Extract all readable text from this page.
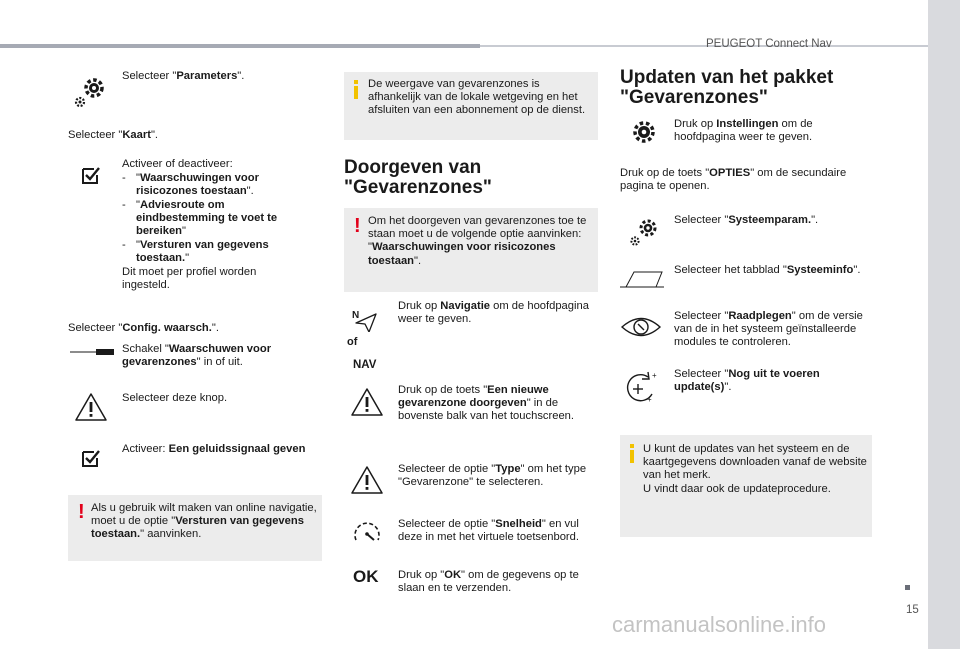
PEUGEOT Connect Nav
15
carmanualsonline.info
Selecteer "Parameters".
Selecteer "Kaart".
Activeer of deactiveer:
- "Waarschuwingen voor risicozones toestaan".
- "Adviesroute om eindbestemming te voet te bereiken"
- "Versturen van gegevens toestaan."
Dit moet per profiel worden ingesteld.
Selecteer "Config. waarsch.".
Schakel "Waarschuwen voor gevarenzones" in of uit.
Selecteer deze knop.
Activeer: Een geluidssignaal geven
! Als u gebruik wilt maken van online navigatie, moet u de optie "Versturen van gegevens toestaan." aanvinken.
De weergave van gevarenzones is afhankelijk van de lokale wetgeving en het afsluiten van een abonnement op de dienst.
Doorgeven van "Gevarenzones"
! Om het doorgeven van gevarenzones toe te staan moet u de volgende optie aanvinken: "Waarschuwingen voor risicozones toestaan".
N
of
NAV
Druk op Navigatie om de hoofdpagina weer te geven.
Druk op de toets "Een nieuwe gevarenzone doorgeven" in de bovenste balk van het touchscreen.
Selecteer de optie "Type" om het type "Gevarenzone" te selecteren.
Selecteer de optie "Snelheid" en vul deze in met het virtuele toetsenbord.
OK Druk op "OK" om de gegevens op te slaan en te verzenden.
Updaten van het pakket "Gevarenzones"
Druk op Instellingen om de hoofdpagina weer te geven.
Druk op de toets "OPTIES" om de secundaire pagina te openen.
Selecteer "Systeemparam.".
Selecteer het tabblad "Systeeminfo".
Selecteer "Raadplegen" om de versie van de in het systeem geïnstalleerde modules te controleren.
+
+
Selecteer "Nog uit te voeren update(s)".
U kunt de updates van het systeem en de kaartgegevens downloaden vanaf de website van het merk.
U vindt daar ook de updateprocedure.
